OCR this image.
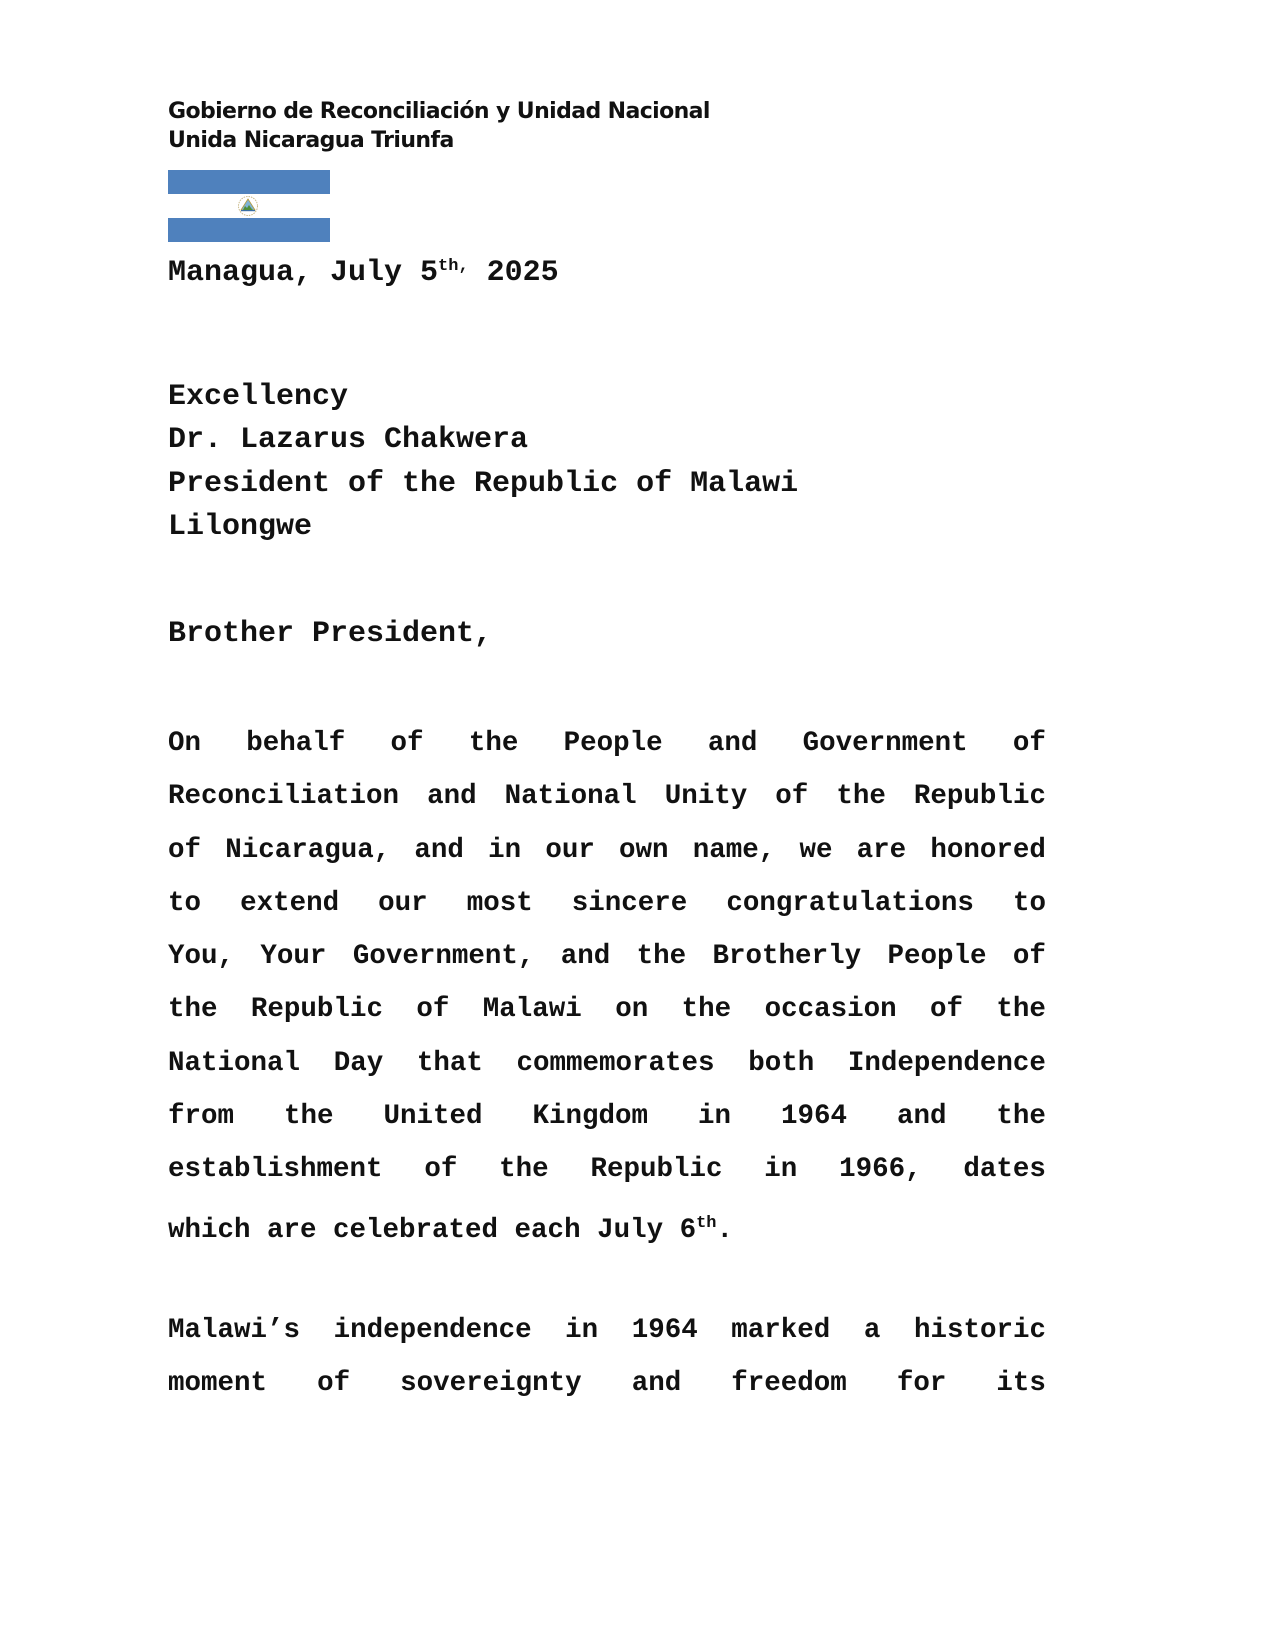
Gobierno de Reconciliación y Unidad Nacional
Unida Nicaragua Triunfa
Managua, July $5^{th,}$ 2025
Excellency
Dr. Lazarus Chakwera
President of the Republic of Malawi
Lilongwe
Brother President,
On behalf of the People and Government of
Reconciliation and National Unity of the Republic
of Nicaragua, and in our own name, we are honored
to extend our most sincere congratulations to
You, Your Government, and the Brotherly People of
the Republic of Malawi on the occasion of the
National Day that commemorates both Independence
from the United Kingdom in 1964 and the
establishment of the Republic in 1966, dates
which are celebrated each July 6th.
Malawi’s independence in 1964 marked a historic
moment of sovereignty and freedom for its
